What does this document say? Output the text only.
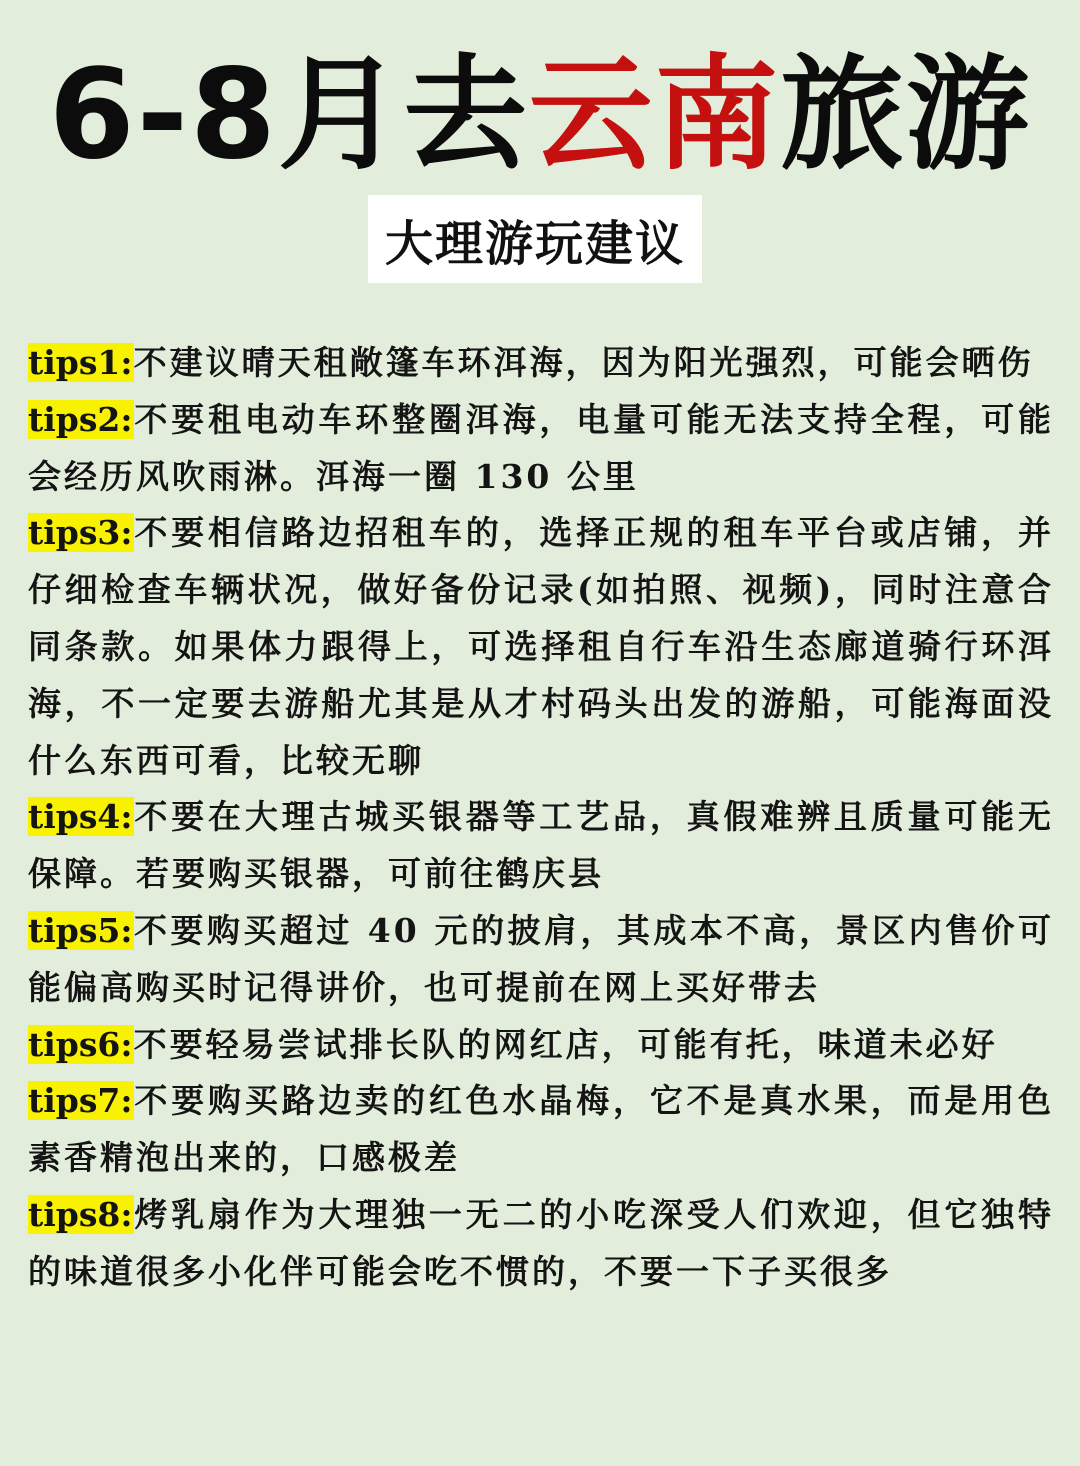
6-8月去云南旅游
大理游玩建议

tips1:不建议晴天租敞篷车环洱海，因为阳光强烈，可能会晒伤

tips2:不要租电动车环整圈洱海，电量可能无法支持全程，可能会经历风吹雨淋。洱海一圈 130 公里

tips3:不要相信路边招租车的，选择正规的租车平台或店铺，并仔细检查车辆状况，做好备份记录(如拍照、视频)，同时注意合同条款。如果体力跟得上，可选择租自行车沿生态廊道骑行环洱海，不一定要去游船尤其是从才村码头出发的游船，可能海面没什么东西可看，比较无聊

tips4:不要在大理古城买银器等工艺品，真假难辨且质量可能无保障。若要购买银器，可前往鹤庆县

tips5:不要购买超过 40 元的披肩，其成本不高，景区内售价可能偏高购买时记得讲价，也可提前在网上买好带去

tips6:不要轻易尝试排长队的网红店，可能有托，味道未必好

tips7:不要购买路边卖的红色水晶梅，它不是真水果，而是用色素香精泡出来的，口感极差

tips8:烤乳扇作为大理独一无二的小吃深受人们欢迎，但它独特的味道很多小化伴可能会吃不惯的，不要一下子买很多
